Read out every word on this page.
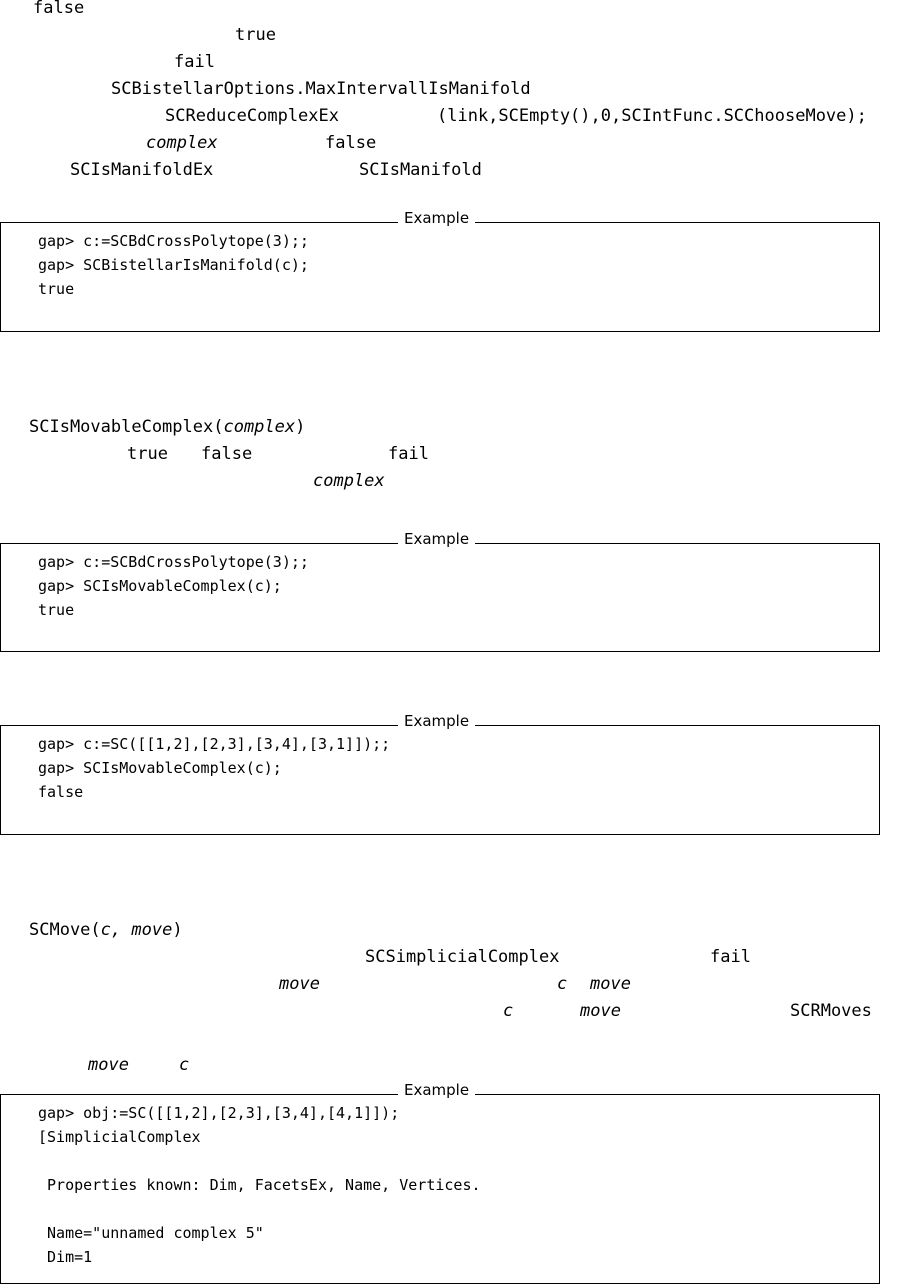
false
true
fail
SCBistellarOptions.MaxIntervallIsManifold
SCReduceComplexEx	(link,SCEmpty(),0,SCIntFunc.SCChooseMove);
complex	false
SCIsManifoldEx	SCIsManifold
gap> c:=SCBdCrossPolytope(3);;
gap> SCBistellarIsManifold(c);
true
Example
SCIsMovableComplex(complex)
true false	fail
complex
gap> c:=SCBdCrossPolytope(3);;
gap> SCIsMovableComplex(c);
true
Example
gap> c:=SC([[1,2],[2,3],[3,4],[3,1]]);;
gap> SCIsMovableComplex(c);
false
Example
SCMove(c, move)
SCSimplicialComplex	fail
move	c move
c	move	SCRMoves
move	c
gap> obj:=SC([[1,2],[2,3],[3,4],[4,1]]);
[SimplicialComplex
Properties known: Dim, FacetsEx, Name, Vertices.
Name="unnamed complex 5"
Dim=1
Example
